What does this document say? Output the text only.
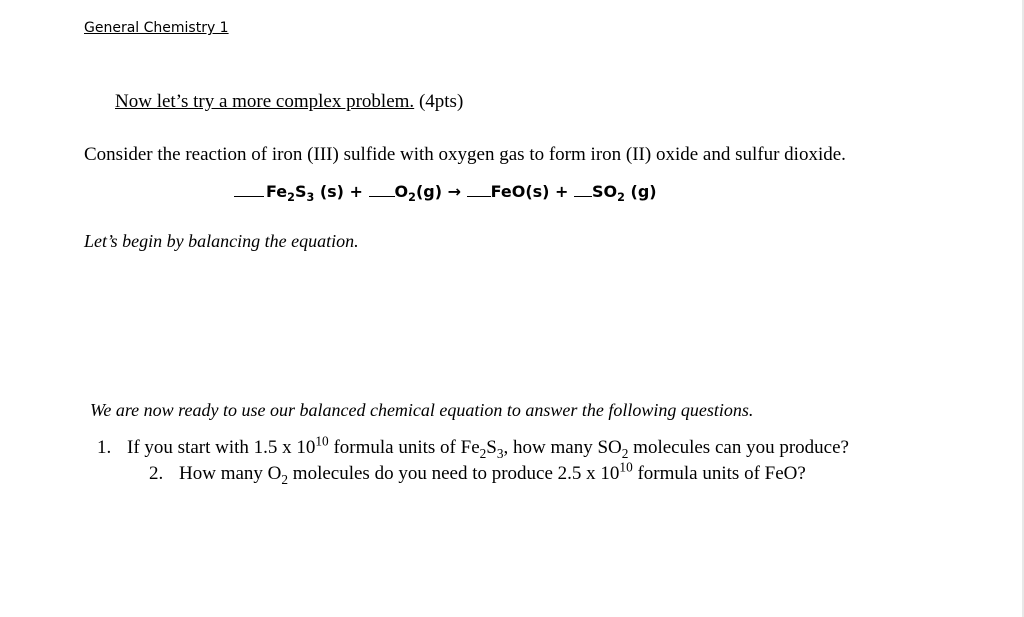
General Chemistry 1
Now let’s try a more complex problem. (4pts)
Consider the reaction of iron (III) sulfide with oxygen gas to form iron (II) oxide and sulfur dioxide.
$Fe_2S_3$ $(s) + O_2(g) \to FeO(s) + SO_2$ (g)
Let’s begin by balancing the equation.
We are now ready to use our balanced chemical equation to answer the following questions.
1. If you start with 1.5 x $10^{10}$ formula units of $Fe_2S_3$, how many $SO_2$ molecules can you produce?
2. How many $O_2$ molecules do you need to produce 2.5 x $10^{10}$ formula units of FeO?
